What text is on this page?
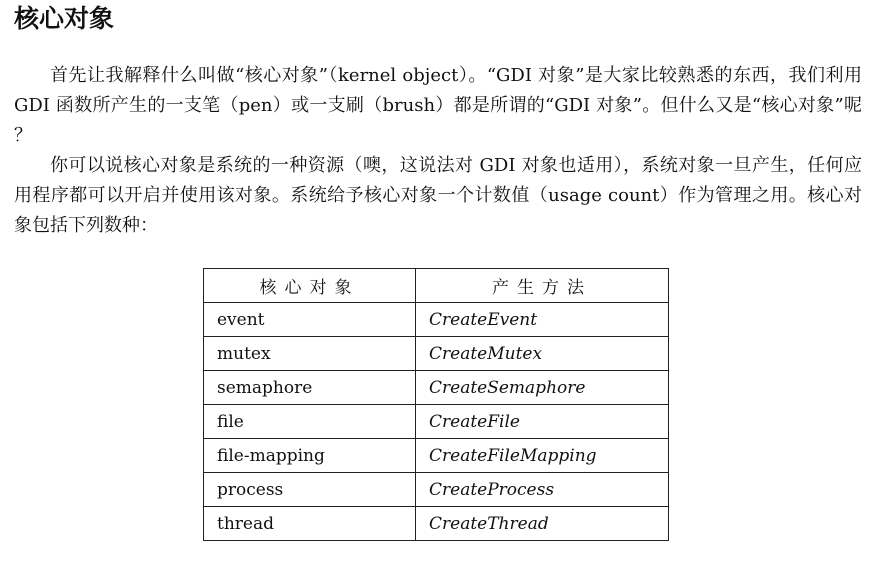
核心对象

首先让我解释什么叫做“核心对象”（kernel object）。“GDI 对象”是大家比较熟悉的东西，我们利用 GDI 函数所产生的一支笔（pen）或一支刷（brush）都是所谓的“GDI 对象”。但什么又是“核心对象”呢 ？

你可以说核心对象是系统的一种资源（噢，这说法对 GDI 对象也适用），系统对象一旦产生，任何应用程序都可以开启并使用该对象。系统给予核心对象一个计数值（usage count）作为管理之用。核心对象包括下列数种：

核心对象	产生方法
event	CreateEvent
mutex	CreateMutex
semaphore	CreateSemaphore
file	CreateFile
file-mapping	CreateFileMapping
process	CreateProcess
thread	CreateThread
